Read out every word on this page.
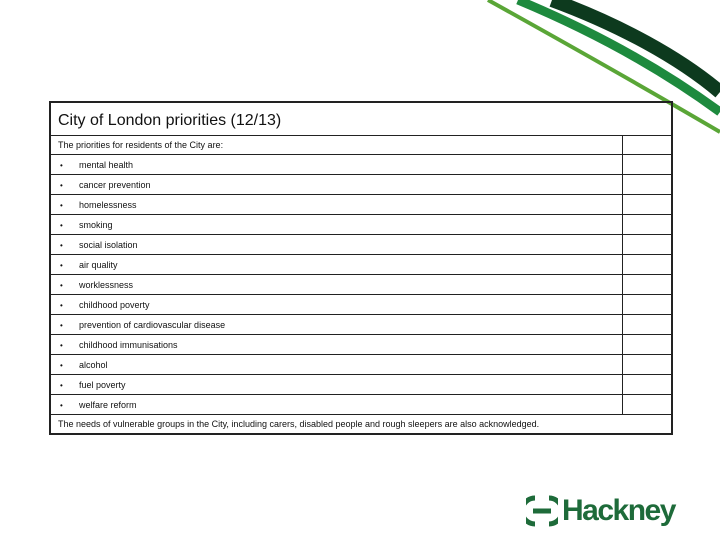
City of London priorities (12/13)	
The priorities for residents of the City are:	
• mental health	
• cancer prevention	
• homelessness	
• smoking	
• social isolation	
• air quality	
• worklessness	
• childhood poverty	
• prevention of cardiovascular disease	
• childhood immunisations	
• alcohol	
• fuel poverty	
• welfare reform	
The needs of vulnerable groups in the City, including carers, disabled people and rough sleepers are also acknowledged.	
Hackney
